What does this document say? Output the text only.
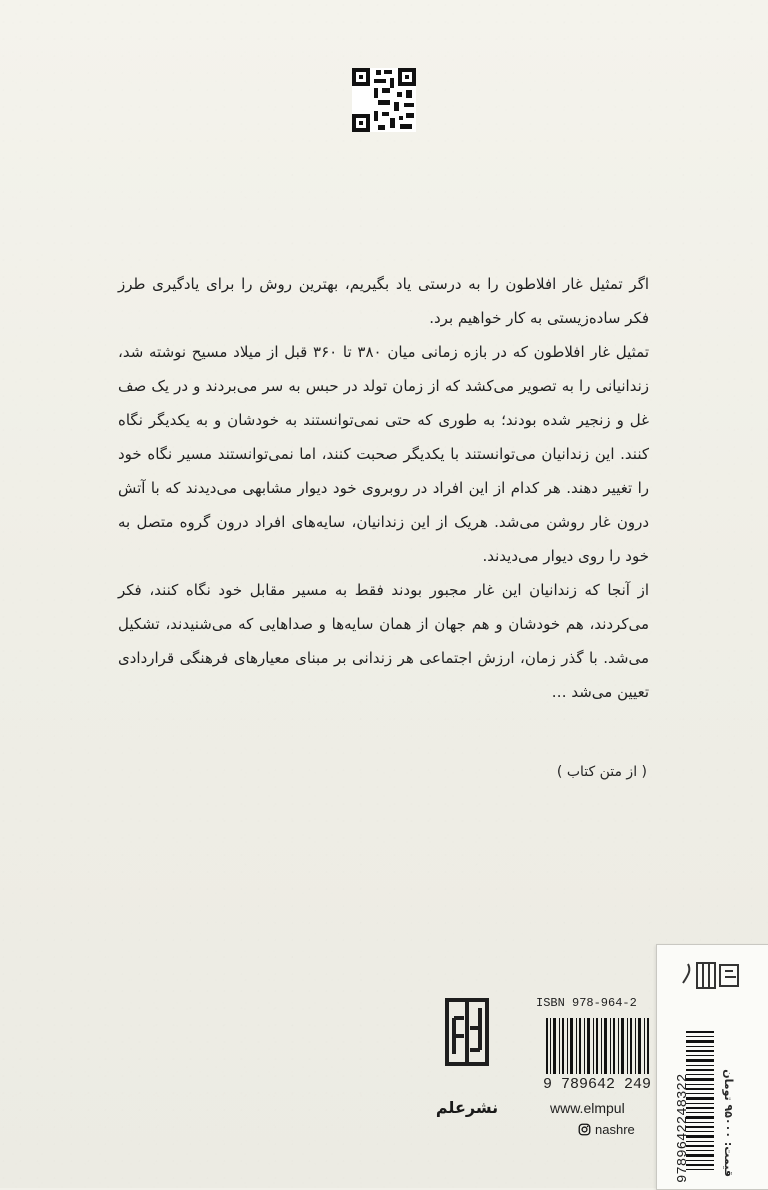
اگر تمثیل غار افلاطون را به درستی یاد بگیریم، بهترین روش را برای یادگیری طرز فکر ساده‌زیستی به کار خواهیم برد.

تمثیل غار افلاطون که در بازه زمانی میان ۳۸۰ تا ۳۶۰ قبل از میلاد مسیح نوشته شد، زندانیانی را به تصویر می‌کشد که از زمان تولد در حبس به سر می‌بردند و در یک صف غل و زنجیر شده بودند؛ به طوری که حتی نمی‌توانستند به خودشان و به یکدیگر نگاه کنند. این زندانیان می‌توانستند با یکدیگر صحبت کنند، اما نمی‌توانستند مسیر نگاه خود را تغییر دهند. هر کدام از این افراد در روبروی خود دیوار مشابهی می‌دیدند که با آتش درون غار روشن می‌شد. هریک از این زندانیان، سایه‌های افراد درون گروه متصل به خود را روی دیوار می‌دیدند.

از آنجا که زندانیان این غار مجبور بودند فقط به مسیر مقابل خود نگاه کنند، فکر می‌کردند، هم خودشان و هم جهان از همان سایه‌ها و صداهایی که می‌شنیدند، تشکیل می‌شد. با گذر زمان، ارزش اجتماعی هر زندانی بر مبنای معیارهای فرهنگی قراردادی تعیین می‌شد …

( از متن کتاب )
نشرعلم
ISBN 978-964-2
9 789642 249
www.elmpul
nashre
قیمت: ۹۵۰۰۰ تومان
9789642248322
